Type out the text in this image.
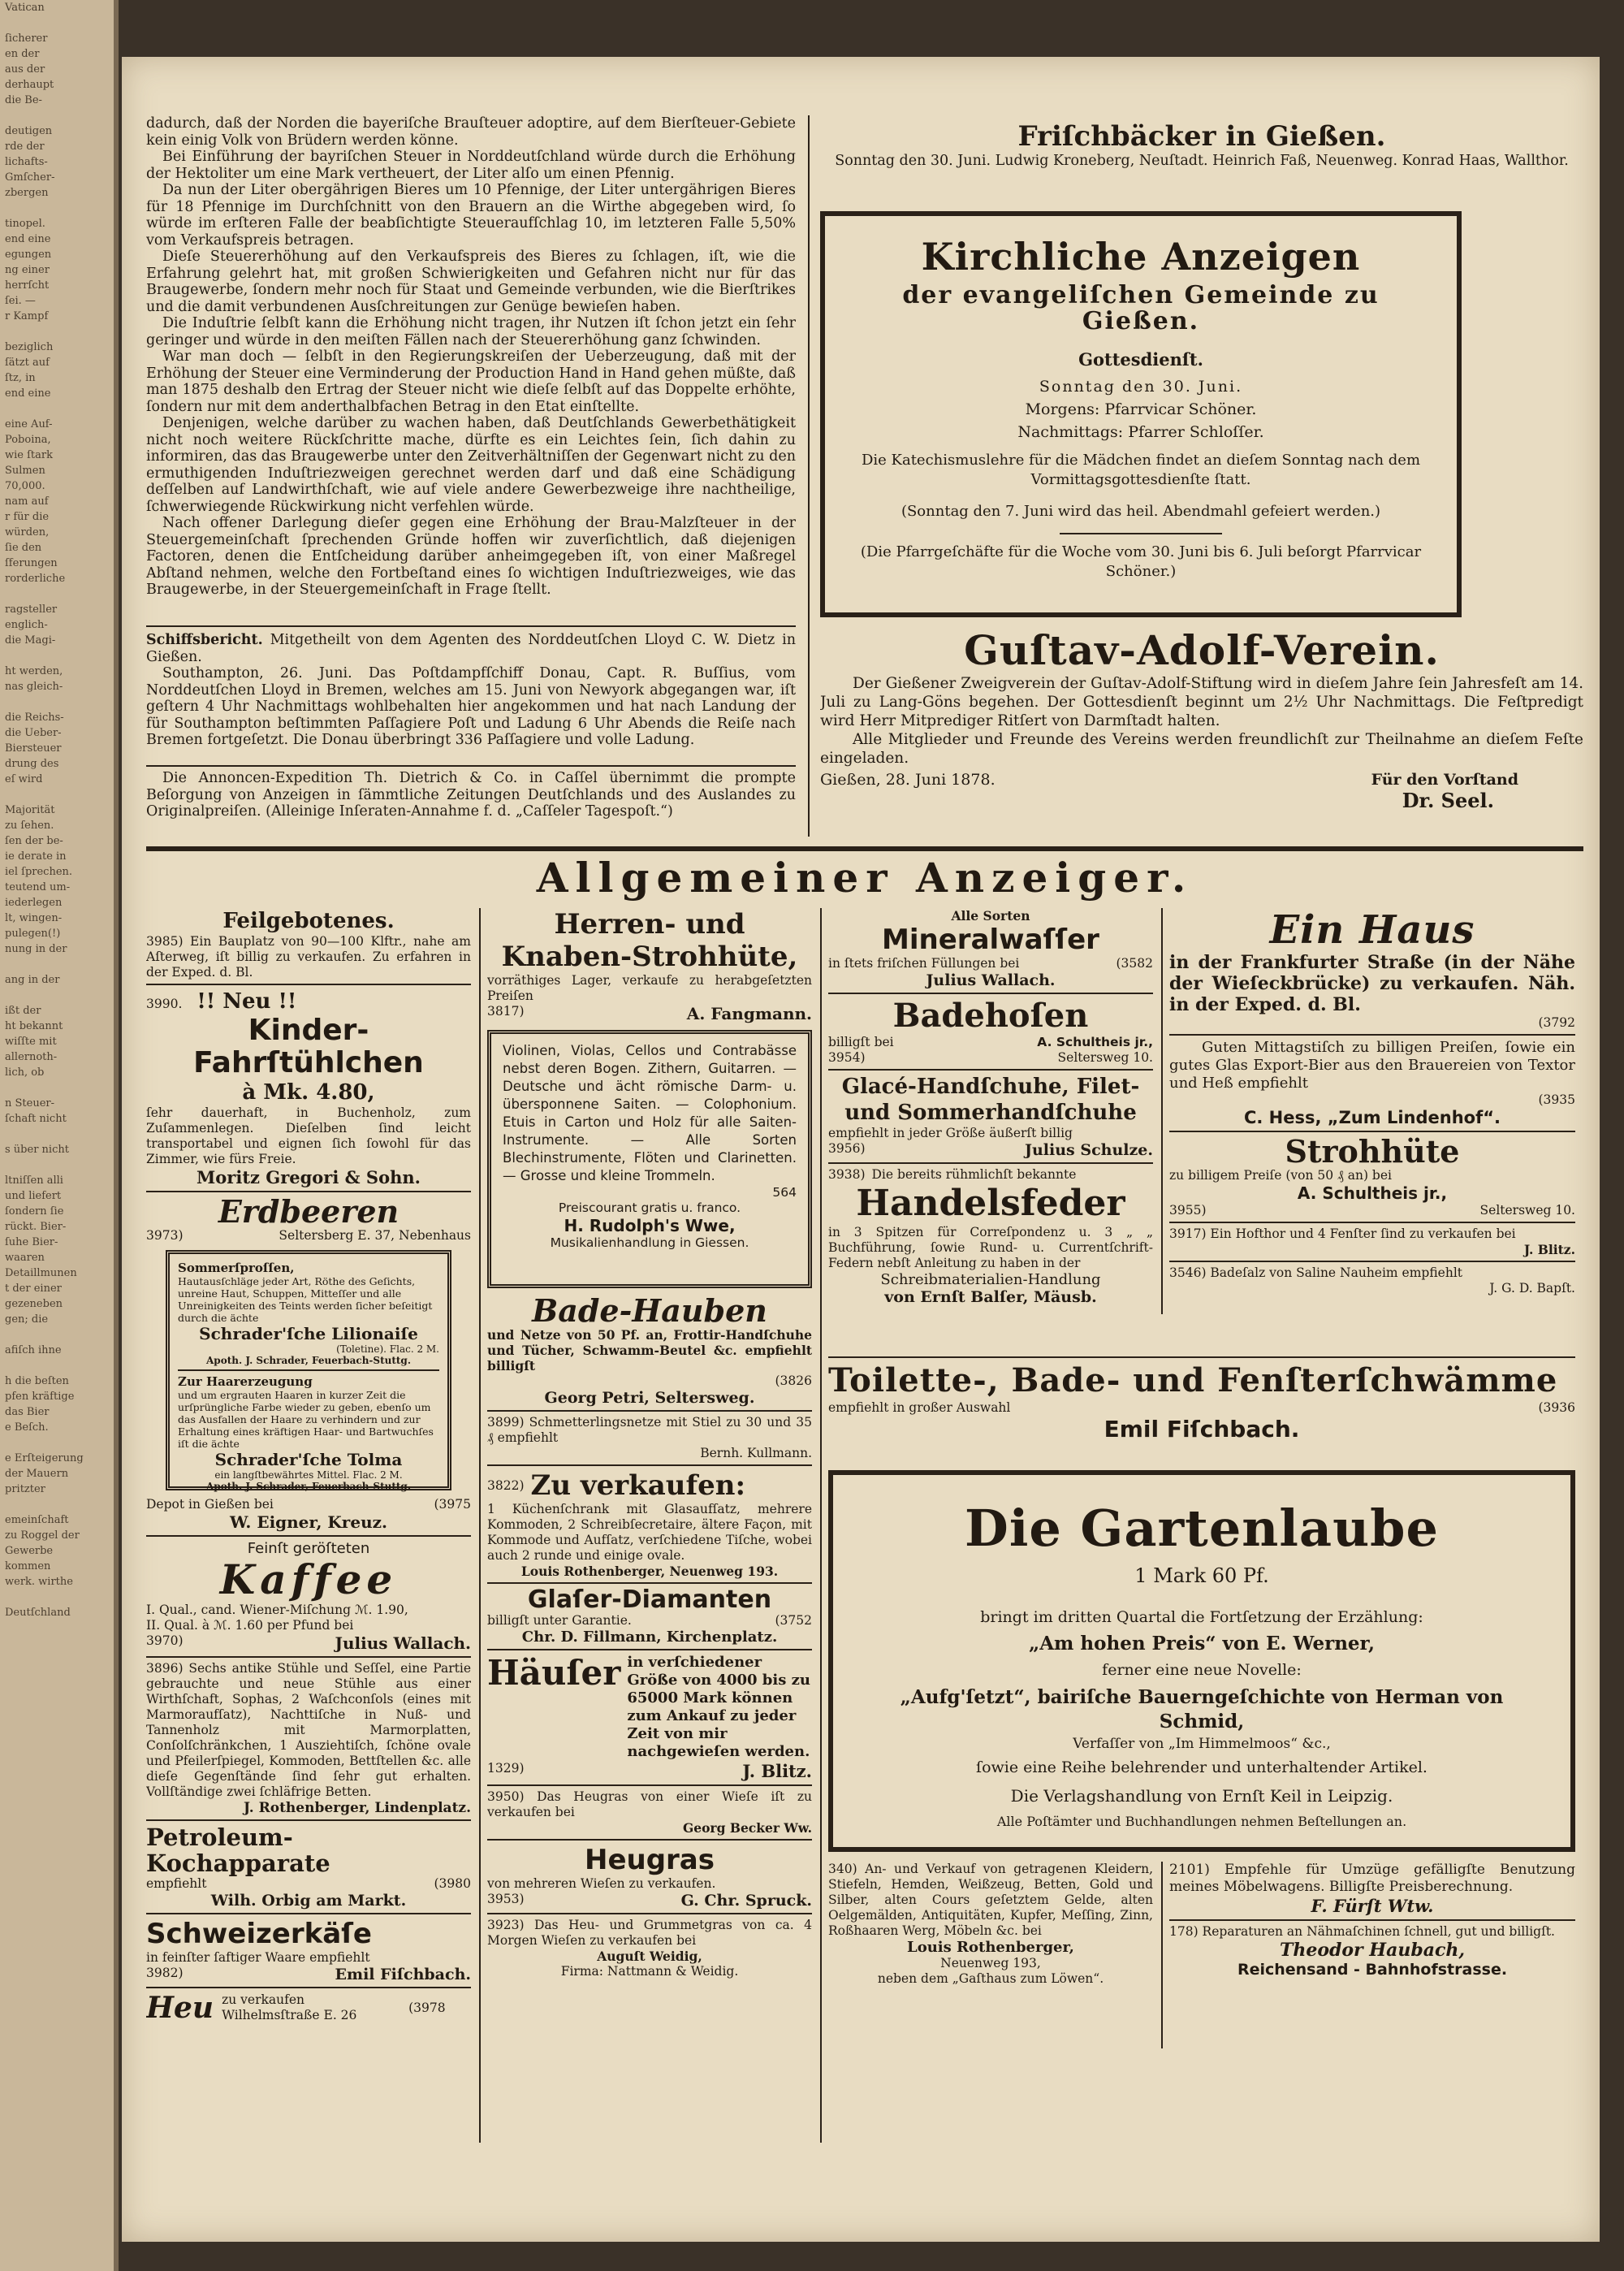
Vatican

ſicherer
en der
aus der
derhaupt
die Be-

deutigen
rde der
lichafts-
Gmſcher-
zbergen

tinopel.
end eine
egungen
ng einer
herrſcht
ſei. —
r Kampf

beziglich
ſätzt auf
ſtz, in
end eine

eine Auf-
Poboina,
wie ſtark
Sulmen
70,000.
nam auf
r für die
würden,
ſie den
ſferungen
rorderliche

ragsteller
englich-
die Magi-

ht werden,
nas gleich-

die Reichs-
die Ueber-
Biersteuer
drung des
eſ wird

Majorität
zu ſehen.
ſen der be-
ie derate in
iel ſprechen.
teutend um-
iederlegen
lt, wingen-
pulegen(!)
nung in der

ang in der

ißt der
ht bekannt
wiſſte mit
allernoth-
lich, ob

n Steuer-
ſchaft nicht

s über nicht

ltniſſen alli
und liefert
ſondern ſie
rückt. Bier-
ſuhe Bier-
waaren
Detaillmunen
t der einer
gezeneben
gen; die

afiſch ihne

h die beſten
pfen kräftige
das Bier
e Beſch.

e Erſteigerung
der Mauern
pritzter

emeinſchaft
zu Roggel der
Gewerbe
kommen
werk. wirthe

Deutſchland

dadurch, daß der Norden die bayeriſche Brauſteuer adoptire, auf dem Bierſteuer-Gebiete kein einig Volk von Brüdern werden könne.

Bei Einführung der bayriſchen Steuer in Norddeutſchland würde durch die Erhöhung der Hektoliter um eine Mark vertheuert, der Liter alſo um einen Pfennig.

Da nun der Liter obergährigen Bieres um 10 Pfennige, der Liter untergährigen Bieres für 18 Pfennige im Durchſchnitt von den Brauern an die Wirthe abgegeben wird, ſo würde im erſteren Falle der beabſichtigte Steueraufſchlag 10, im letzteren Falle 5,50% vom Verkaufspreis betragen.

Dieſe Steuererhöhung auf den Verkaufspreis des Bieres zu ſchlagen, iſt, wie die Erfahrung gelehrt hat, mit großen Schwierigkeiten und Gefahren nicht nur für das Braugewerbe, ſondern mehr noch für Staat und Gemeinde verbunden, wie die Bierſtrikes und die damit verbundenen Ausſchreitungen zur Genüge bewieſen haben.

Die Induſtrie ſelbſt kann die Erhöhung nicht tragen, ihr Nutzen iſt ſchon jetzt ein ſehr geringer und würde in den meiſten Fällen nach der Steuererhöhung ganz ſchwinden.

War man doch — ſelbſt in den Regierungskreiſen der Ueberzeugung, daß mit der Erhöhung der Steuer eine Verminderung der Production Hand in Hand gehen müßte, daß man 1875 deshalb den Ertrag der Steuer nicht wie dieſe ſelbſt auf das Doppelte erhöhte, ſondern nur mit dem anderthalbfachen Betrag in den Etat einſtellte.

Denjenigen, welche darüber zu wachen haben, daß Deutſchlands Gewerbethätigkeit nicht noch weitere Rückſchritte mache, dürfte es ein Leichtes ſein, ſich dahin zu informiren, das das Braugewerbe unter den Zeitverhältniſſen der Gegenwart nicht zu den ermuthigenden Induſtriezweigen gerechnet werden darf und daß eine Schädigung deſſelben auf Landwirthſchaft, wie auf viele andere Gewerbezweige ihre nachtheilige, ſchwerwiegende Rückwirkung nicht verfehlen würde.

Nach offener Darlegung dieſer gegen eine Erhöhung der Brau-Malzſteuer in der Steuergemeinſchaft ſprechenden Gründe hoffen wir zuverſichtlich, daß diejenigen Factoren, denen die Entſcheidung darüber anheimgegeben iſt, von einer Maßregel Abſtand nehmen, welche den Fortbeſtand eines ſo wichtigen Induſtriezweiges, wie das Braugewerbe, in der Steuergemeinſchaft in Frage ſtellt.

Schiffsbericht. Mitgetheilt von dem Agenten des Norddeutſchen Lloyd C. W. Dietz in Gießen.

Southampton, 26. Juni. Das Poſtdampfſchiff Donau, Capt. R. Buſſius, vom Norddeutſchen Lloyd in Bremen, welches am 15. Juni von Newyork abgegangen war, iſt geſtern 4 Uhr Nachmittags wohlbehalten hier angekommen und hat nach Landung der für Southampton beſtimmten Paſſagiere Poſt und Ladung 6 Uhr Abends die Reiſe nach Bremen fortgeſetzt. Die Donau überbringt 336 Paſſagiere und volle Ladung.

Die Annoncen-Expedition Th. Dietrich & Co. in Caſſel übernimmt die prompte Beſorgung von Anzeigen in ſämmtliche Zeitungen Deutſchlands und des Auslandes zu Originalpreiſen. (Alleinige Inſeraten-Annahme f. d. „Caſſeler Tagespoſt.“)

Friſchbäcker in Gießen.

Sonntag den 30. Juni. Ludwig Kroneberg, Neuſtadt. Heinrich Faß, Neuenweg. Konrad Haas, Wallthor.

Kirchliche Anzeigen
der evangeliſchen Gemeinde zu Gießen.
Gottesdienſt.
Sonntag den 30. Juni.
Morgens: Pfarrvicar Schöner.
Nachmittags: Pfarrer Schloſſer.
Die Katechismuslehre für die Mädchen findet an dieſem Sonntag nach dem Vormittagsgottesdienſte ſtatt.
(Sonntag den 7. Juni wird das heil. Abendmahl gefeiert werden.)
(Die Pfarrgeſchäfte für die Woche vom 30. Juni bis 6. Juli beſorgt Pfarrvicar Schöner.)
Guſtav-Adolf-Verein.

Der Gießener Zweigverein der Guſtav-Adolf-Stiftung wird in dieſem Jahre ſein Jahresfeſt am 14. Juli zu Lang-Göns begehen. Der Gottesdienſt beginnt um 2½ Uhr Nachmittags. Die Feſtpredigt wird Herr Mitprediger Ritſert von Darmſtadt halten.

Alle Mitglieder und Freunde des Vereins werden freundlichſt zur Theilnahme an dieſem Feſte eingeladen.

Gießen, 28. Juni 1878.	Für den Vorſtand
Dr. Seel.
Allgemeiner Anzeiger.
Feilgebotenes.

3985) Ein Bauplatz von 90—100 Klftr., nahe am Aſterweg, iſt billig zu verkaufen. Zu erfahren in der Exped. d. Bl.

3990. !! Neu !!
Kinder-Fahrſtühlchen
à Mk. 4.80,

ſehr dauerhaft, in Buchenholz, zum Zuſammenlegen. Dieſelben ſind leicht transportabel und eignen ſich ſowohl für das Zimmer, wie fürs Freie.

Moritz Gregori & Sohn.
Erdbeeren
3973)	Seltersberg E. 37, Nebenhaus
Sommerſproſſen,
Hautausſchläge jeder Art, Röthe des Geſichts, unreine Haut, Schuppen, Mitteſſer und alle Unreinigkeiten des Teints werden ſicher beſeitigt durch die ächte
Schrader'ſche Lilionaiſe
(Toletine). Flac. 2 M.
Apoth. J. Schrader, Feuerbach-Stuttg.
Zur Haarerzeugung
und um ergrauten Haaren in kurzer Zeit die urſprüngliche Farbe wieder zu geben, ebenſo um das Ausfallen der Haare zu verhindern und zur Erhaltung eines kräftigen Haar- und Bartwuchſes iſt die ächte
Schrader'ſche Tolma
ein langſtbewährtes Mittel. Flac. 2 M.
Apoth. J. Schrader, Feuerbach-Stuttg.
Depot in Gießen bei	(3975
W. Eigner, Kreuz.
Feinſt geröſteten
Kaffee
I. Qual., cand. Wiener-Miſchung ℳ. 1.90,
II. Qual. à ℳ. 1.60 per Pfund bei
3970)	Julius Wallach.

3896) Sechs antike Stühle und Seſſel, eine Partie gebrauchte und neue Stühle aus einer Wirthſchaft, Sophas, 2 Waſchconſols (eines mit Marmoraufſatz), Nachttiſche in Nuß- und Tannenholz mit Marmorplatten, Conſolſchränkchen, 1 Ausziehtiſch, ſchöne ovale und Pfeilerſpiegel, Kommoden, Bettſtellen &c. alle dieſe Gegenſtände ſind ſehr gut erhalten. Vollſtändige zwei ſchläfrige Betten.

J. Rothenberger, Lindenplatz.
Petroleum-Kochapparate
empfiehlt	(3980
Wilh. Orbig am Markt.
Schweizerkäſe
in feinſter ſaftiger Waare empfiehlt
3982)	Emil Fiſchbach.
Heu zu verkaufen Wilhelmsſtraße E. 26
(3978
Herren- und Knaben-Strohhüte,

vorräthiges Lager, verkaufe zu herabgeſetzten Preiſen

3817)	A. Fangmann.

Violinen, Violas, Cellos und Contrabässe nebst deren Bogen. Zithern, Guitarren. — Deutsche und ächt römische Darm- u. übersponnene Saiten. — Colophonium. Etuis in Carton und Holz für alle Saiten-Instrumente. — Alle Sorten Blechinstrumente, Flöten und Clarinetten. — Grosse und kleine Trommeln.

564
Preiscourant gratis u. franco.
H. Rudolph's Wwe,
Musikalienhandlung in Giessen.
Bade-Hauben

und Netze von 50 Pf. an, Frottir-Handſchuhe und Tücher, Schwamm-Beutel &c. empfiehlt billigſt

(3826
Georg Petri, Seltersweg.

3899) Schmetterlingsnetze mit Stiel zu 30 und 35 ₰ empfiehlt

Bernh. Kullmann.
3822) Zu verkaufen:

1 Küchenſchrank mit Glasaufſatz, mehrere Kommoden, 2 Schreibſecretaire, ältere Façon, mit Kommode und Aufſatz, verſchiedene Tiſche, wobei auch 2 runde und einige ovale.

Louis Rothenberger, Neuenweg 193.
Glaſer-Diamanten
billigſt unter Garantie.	(3752
Chr. D. Fillmann, Kirchenplatz.
Häuſer in verſchiedener Größe von 4000 bis zu 65000 Mark können zum Ankauf zu jeder Zeit von mir nachgewieſen werden.
1329)	J. Blitz.

3950) Das Heugras von einer Wieſe iſt zu verkaufen bei

Georg Becker Ww.
Heugras
von mehreren Wieſen zu verkaufen.
3953)	G. Chr. Spruck.

3923) Das Heu- und Grummetgras von ca. 4 Morgen Wieſen zu verkaufen bei

Auguſt Weidig,
Firma: Nattmann & Weidig.
Alle Sorten
Mineralwaſſer
in ſtets friſchen Füllungen bei	(3582
Julius Wallach.
Badehoſen
billigſt bei	A. Schultheis jr.,
3954)	Seltersweg 10.
Glacé-Handſchuhe, Filet- und Sommerhandſchuhe
empfiehlt in jeder Größe äußerſt billig
3956)	Julius Schulze.
3938) Die bereits rühmlichſt bekannte
Handelsfeder

in 3 Spitzen für Correſpondenz u. 3 „ „ Buchführung, ſowie Rund- u. Currentſchrift-Federn nebſt Anleitung zu haben in der

Schreibmaterialien-Handlung
von Ernſt Balſer, Mäusb.
Ein Haus

in der Frankfurter Straße (in der Nähe der Wieſeckbrücke) zu verkaufen. Näh. in der Exped. d. Bl.

(3792

Guten Mittagstiſch zu billigen Preiſen, ſowie ein gutes Glas Export-Bier aus den Brauereien von Textor und Heß empfiehlt

(3935
C. Hess, „Zum Lindenhof“.
Strohhüte
zu billigem Preiſe (von 50 ₰ an) bei
A. Schultheis jr.,
3955)	Seltersweg 10.

3917) Ein Hofthor und 4 Fenſter ſind zu verkaufen bei

J. Blitz.

3546) Badeſalz von Saline Nauheim empfiehlt

J. G. D. Bapſt.
Toilette-, Bade- und Fenſterſchwämme
empfiehlt in großer Auswahl	(3936
Emil Fiſchbach.
Die Gartenlaube
1 Mark 60 Pf.
bringt im dritten Quartal die Fortſetzung der Erzählung:
„Am hohen Preis“ von E. Werner,
ferner eine neue Novelle:
„Aufg'ſetzt“, bairiſche Bauerngeſchichte von Herman von Schmid,
Verfaſſer von „Im Himmelmoos“ &c.,
ſowie eine Reihe belehrender und unterhaltender Artikel.
Die Verlagshandlung von Ernſt Keil in Leipzig.
Alle Poſtämter und Buchhandlungen nehmen Beſtellungen an.

340) An- und Verkauf von getragenen Kleidern, Stiefeln, Hemden, Weißzeug, Betten, Gold und Silber, alten Cours geſetztem Gelde, alten Oelgemälden, Antiquitäten, Kupfer, Meſſing, Zinn, Roßhaaren Werg, Möbeln &c. bei

Louis Rothenberger,
Neuenweg 193,
neben dem „Gaſthaus zum Löwen“.

2101) Empfehle für Umzüge gefälligſte Benutzung meines Möbelwagens. Billigſte Preisberechnung.

F. Fürſt Wtw.

178) Reparaturen an Nähmaſchinen ſchnell, gut und billigſt.

Theodor Haubach,
Reichensand - Bahnhofstrasse.
